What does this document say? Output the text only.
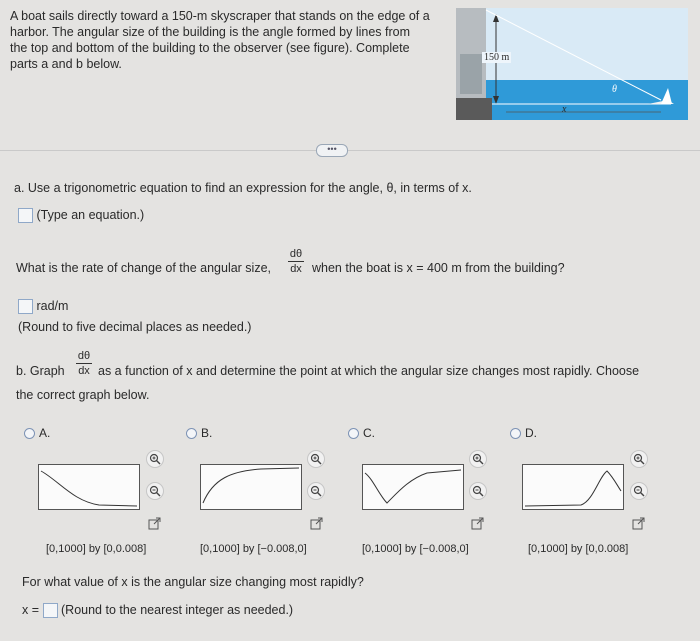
A boat sails directly toward a 150-m skyscraper that stands on the edge of a
harbor. The angular size of the building is the angle formed by lines from
the top and bottom of the building to the observer (see figure). Complete
parts a and b below.	150 m
x
θ
•••
a. Use a trigonometric equation to find an expression for the angle, θ, in terms of x.
(Type an equation.)
What is the rate of change of the angular size,
dθ
dx when the boat is x = 400 m from the building?
rad/m
(Round to five decimal places as needed.)
b. Graph
dθ
dx as a function of x and determine the point at which the angular size changes most rapidly. Choose
the correct graph below.
A.
[0,1000] by [0,0.008]
B.
[0,1000] by [−0.008,0]
C.
[0,1000] by [−0.008,0]
D.
[0,1000] by [0,0.008]
For what value of x is the angular size changing most rapidly?
x = (Round to the nearest integer as needed.)
